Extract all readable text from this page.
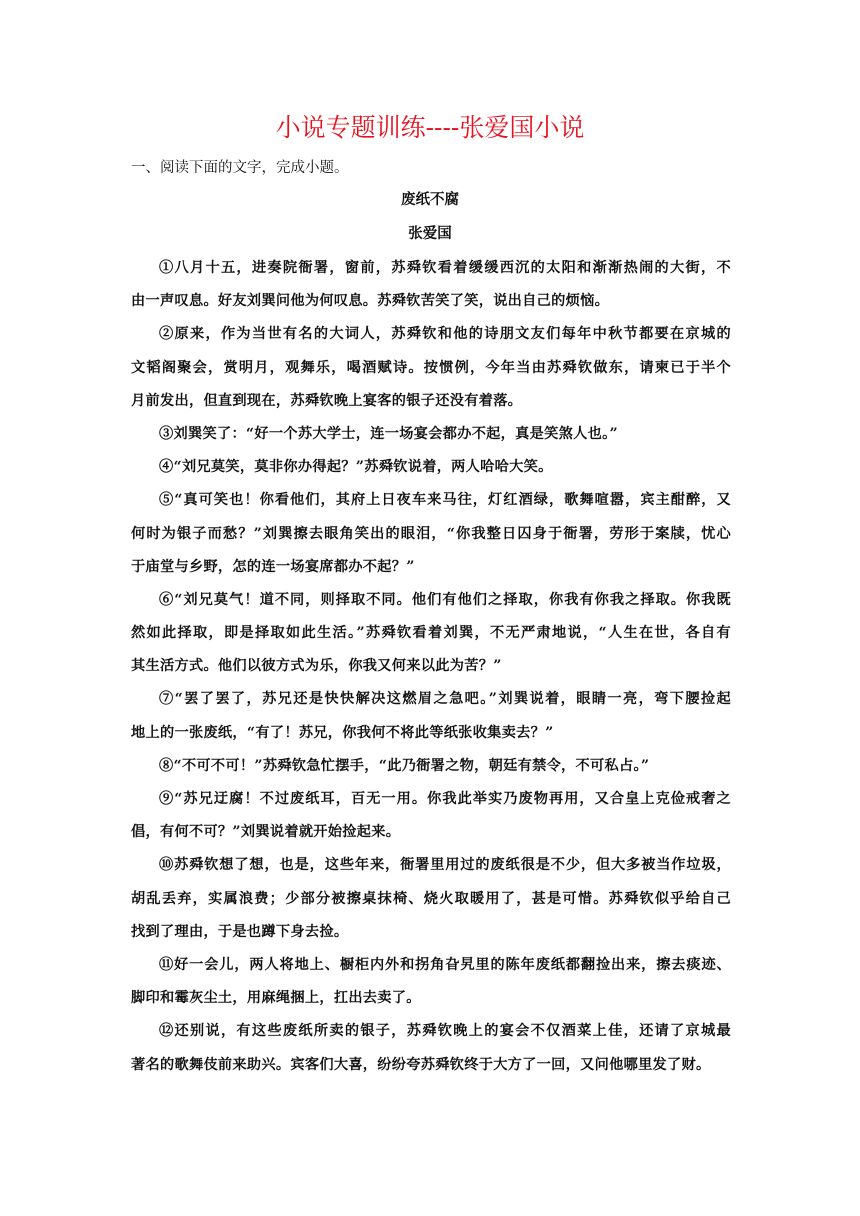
小说专题训练----张爱国小说

一、阅读下面的文字，完成小题。

废纸不腐

张爱国

①八月十五，进奏院衙署，窗前，苏舜钦看着缓缓西沉的太阳和渐渐热闹的大街，不
由一声叹息。好友刘巽问他为何叹息。苏舜钦苦笑了笑，说出自己的烦恼。

②原来，作为当世有名的大词人，苏舜钦和他的诗朋文友们每年中秋节都要在京城的
文韬阁聚会，赏明月，观舞乐，喝酒赋诗。按惯例，今年当由苏舜钦做东，请柬已于半个
月前发出，但直到现在，苏舜钦晚上宴客的银子还没有着落。

③刘巽笑了：“好一个苏大学士，连一场宴会都办不起，真是笑煞人也。”

④“刘兄莫笑，莫非你办得起？”苏舜钦说着，两人哈哈大笑。

⑤“真可笑也！你看他们，其府上日夜车来马往，灯红酒绿，歌舞喧嚣，宾主酣醉，又
何时为银子而愁？”刘巽擦去眼角笑出的眼泪，“你我整日囚身于衙署，劳形于案牍，忧心
于庙堂与乡野，怎的连一场宴席都办不起？”

⑥“刘兄莫气！道不同，则择取不同。他们有他们之择取，你我有你我之择取。你我既
然如此择取，即是择取如此生活。”苏舜钦看着刘巽，不无严肃地说，“人生在世，各自有
其生活方式。他们以彼方式为乐，你我又何来以此为苦？”

⑦“罢了罢了，苏兄还是快快解决这燃眉之急吧。”刘巽说着，眼睛一亮，弯下腰捡起
地上的一张废纸，“有了！苏兄，你我何不将此等纸张收集卖去？”

⑧“不可不可！”苏舜钦急忙摆手，“此乃衙署之物，朝廷有禁令，不可私占。”

⑨“苏兄迂腐！不过废纸耳，百无一用。你我此举实乃废物再用，又合皇上克俭戒奢之
倡，有何不可？”刘巽说着就开始捡起来。

⑩苏舜钦想了想，也是，这些年来，衙署里用过的废纸很是不少，但大多被当作垃圾，
胡乱丢弃，实属浪费；少部分被擦桌抹椅、烧火取暖用了，甚是可惜。苏舜钦似乎给自己
找到了理由，于是也蹲下身去捡。

⑪好一会儿，两人将地上、橱柜内外和拐角旮旯里的陈年废纸都翻捡出来，擦去痰迹、
脚印和霉灰尘土，用麻绳捆上，扛出去卖了。

⑫还别说，有这些废纸所卖的银子，苏舜钦晚上的宴会不仅酒菜上佳，还请了京城最
著名的歌舞伎前来助兴。宾客们大喜，纷纷夸苏舜钦终于大方了一回，又问他哪里发了财。
